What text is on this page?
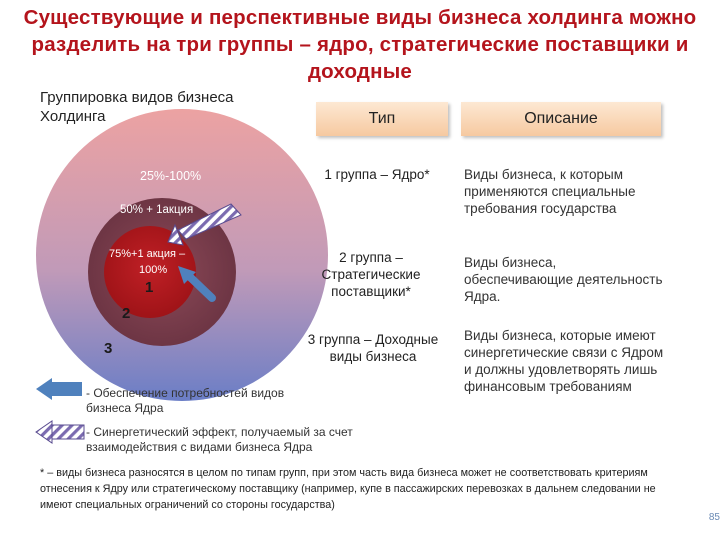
Существующие и перспективные виды бизнеса холдинга можно разделить на три группы – ядро, стратегические поставщики и доходные
Группировка видов бизнеса Холдинга
25%-100%
50% + 1акция
75%+1 акция –
100%
1
2
3
Тип	Описание
1 группа – Ядро*	Виды бизнеса, к которым применяются специальные требования государства
2 группа – Стратегические поставщики*
Виды бизнеса, обеспечивающие деятельность Ядра.
3 группа – Доходные виды бизнеса
Виды бизнеса, которые имеют синергетические связи с Ядром и должны удовлетворять лишь финансовым требованиям
- Обеспечение потребностей видов бизнеса Ядра
- Синергетический эффект, получаемый за счет взаимодействия с видами бизнеса Ядра
* – виды бизнеса разносятся в целом по типам групп, при этом часть вида бизнеса может не соответствовать критериям отнесения к Ядру или стратегическому поставщику (например, купе в пассажирских перевозках в дальнем следовании не имеют специальных ограничений со стороны государства)
85
